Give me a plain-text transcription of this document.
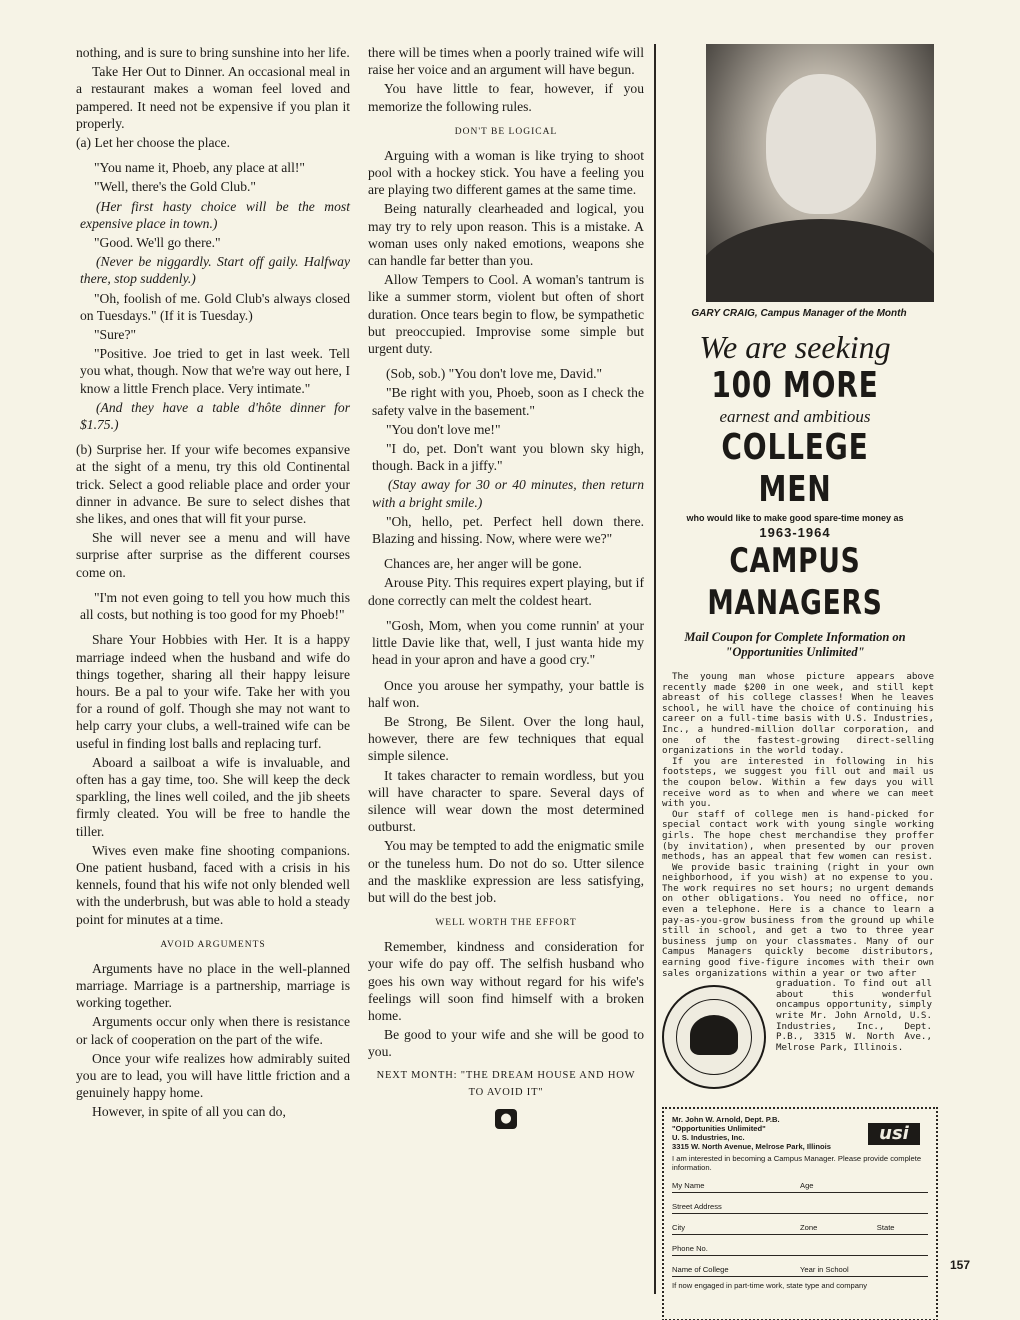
nothing, and is sure to bring sunshine into her life.

Take Her Out to Dinner. An occasional meal in a restaurant makes a woman feel loved and pampered. It need not be expensive if you plan it properly.

(a) Let her choose the place.

"You name it, Phoeb, any place at all!"

"Well, there's the Gold Club."

(Her first hasty choice will be the most expensive place in town.)

"Good. We'll go there."

(Never be niggardly. Start off gaily. Halfway there, stop suddenly.)

"Oh, foolish of me. Gold Club's always closed on Tuesdays." (If it is Tuesday.)

"Sure?"

"Positive. Joe tried to get in last week. Tell you what, though. Now that we're way out here, I know a little French place. Very intimate."

(And they have a table d'hôte dinner for $1.75.)

(b) Surprise her. If your wife becomes expansive at the sight of a menu, try this old Continental trick. Select a good reliable place and order your dinner in advance. Be sure to select dishes that she likes, and ones that will fit your purse.

She will never see a menu and will have surprise after surprise as the different courses come on.

"I'm not even going to tell you how much this all costs, but nothing is too good for my Phoeb!"

Share Your Hobbies with Her. It is a happy marriage indeed when the husband and wife do things together, sharing all their happy leisure hours. Be a pal to your wife. Take her with you for a round of golf. Though she may not want to help carry your clubs, a well-trained wife can be useful in finding lost balls and replacing turf.

Aboard a sailboat a wife is invaluable, and often has a gay time, too. She will keep the deck sparkling, the lines well coiled, and the jib sheets firmly cleated. You will be free to handle the tiller.

Wives even make fine shooting companions. One patient husband, faced with a crisis in his kennels, found that his wife not only blended well with the underbrush, but was able to hold a steady point for minutes at a time.

AVOID ARGUMENTS

Arguments have no place in the well-planned marriage. Marriage is a partnership, marriage is working together.

Arguments occur only when there is resistance or lack of cooperation on the part of the wife.

Once your wife realizes how admirably suited you are to lead, you will have little friction and a genuinely happy home.

However, in spite of all you can do,

there will be times when a poorly trained wife will raise her voice and an argument will have begun.

You have little to fear, however, if you memorize the following rules.

DON'T BE LOGICAL

Arguing with a woman is like trying to shoot pool with a hockey stick. You have a feeling you are playing two different games at the same time.

Being naturally clearheaded and logical, you may try to rely upon reason. This is a mistake. A woman uses only naked emotions, weapons she can handle far better than you.

Allow Tempers to Cool. A woman's tantrum is like a summer storm, violent but often of short duration. Once tears begin to flow, be sympathetic but preoccupied. Improvise some simple but urgent duty.

(Sob, sob.) "You don't love me, David."

"Be right with you, Phoeb, soon as I check the safety valve in the basement."

"You don't love me!"

"I do, pet. Don't want you blown sky high, though. Back in a jiffy."

(Stay away for 30 or 40 minutes, then return with a bright smile.)

"Oh, hello, pet. Perfect hell down there. Blazing and hissing. Now, where were we?"

Chances are, her anger will be gone.

Arouse Pity. This requires expert playing, but if done correctly can melt the coldest heart.

"Gosh, Mom, when you come runnin' at your little Davie like that, well, I just wanta hide my head in your apron and have a good cry."

Once you arouse her sympathy, your battle is half won.

Be Strong, Be Silent. Over the long haul, however, there are few techniques that equal simple silence.

It takes character to remain wordless, but you will have character to spare. Several days of silence will wear down the most determined outburst.

You may be tempted to add the enigmatic smile or the tuneless hum. Do not do so. Utter silence and the masklike expression are less satisfying, but will do the best job.

WELL WORTH THE EFFORT

Remember, kindness and consideration for your wife do pay off. The selfish husband who goes his own way without regard for his wife's feelings will soon find himself with a broken home.

Be good to your wife and she will be good to you.

NEXT MONTH: "THE DREAM HOUSE AND HOW TO AVOID IT"
●
GARY CRAIG, Campus Manager of the Month
We are seeking
100 MORE
earnest and ambitious
COLLEGE MEN
who would like to make good spare-time money as
1963-1964
CAMPUS MANAGERS
Mail Coupon for Complete Information on "Opportunities Unlimited"

The young man whose picture appears above recently made $200 in one week, and still kept abreast of his college classes! When he leaves school, he will have the choice of continuing his career on a full-time basis with U.S. Industries, Inc., a hundred-million dollar corporation, and one of the fastest-growing direct-selling organizations in the world today.

If you are interested in following in his footsteps, we suggest you fill out and mail us the coupon below. Within a few days you will receive word as to when and where we can meet with you.

Our staff of college men is hand-picked for special contact work with young single working girls. The hope chest merchandise they proffer (by invitation), when presented by our proven methods, has an appeal that few women can resist.

We provide basic training (right in your own neighborhood, if you wish) at no expense to you. The work requires no set hours; no urgent demands on other obligations. You need no office, nor even a telephone. Here is a chance to learn a pay-as-you-grow business from the ground up while still in school, and get a two to three year business jump on your classmates. Many of our Campus Managers quickly become distributors, earning good five-figure incomes with their own sales organizations within a year or two after

graduation. To find out all about this wonderful oncampus opportunity, simply write Mr. John Arnold, U.S. Industries, Inc., Dept. P.B., 3315 W. North Ave., Melrose Park, Illinois.
Mr. John W. Arnold, Dept. P.B.
"Opportunities Unlimited"
U. S. Industries, Inc.
3315 W. North Avenue, Melrose Park, Illinois
usi
I am interested in becoming a Campus Manager. Please provide complete information.
My Name	Age
Street Address
City	Zone	State
Phone No.
Name of College	Year in School
If now engaged in part-time work, state type and company
157
